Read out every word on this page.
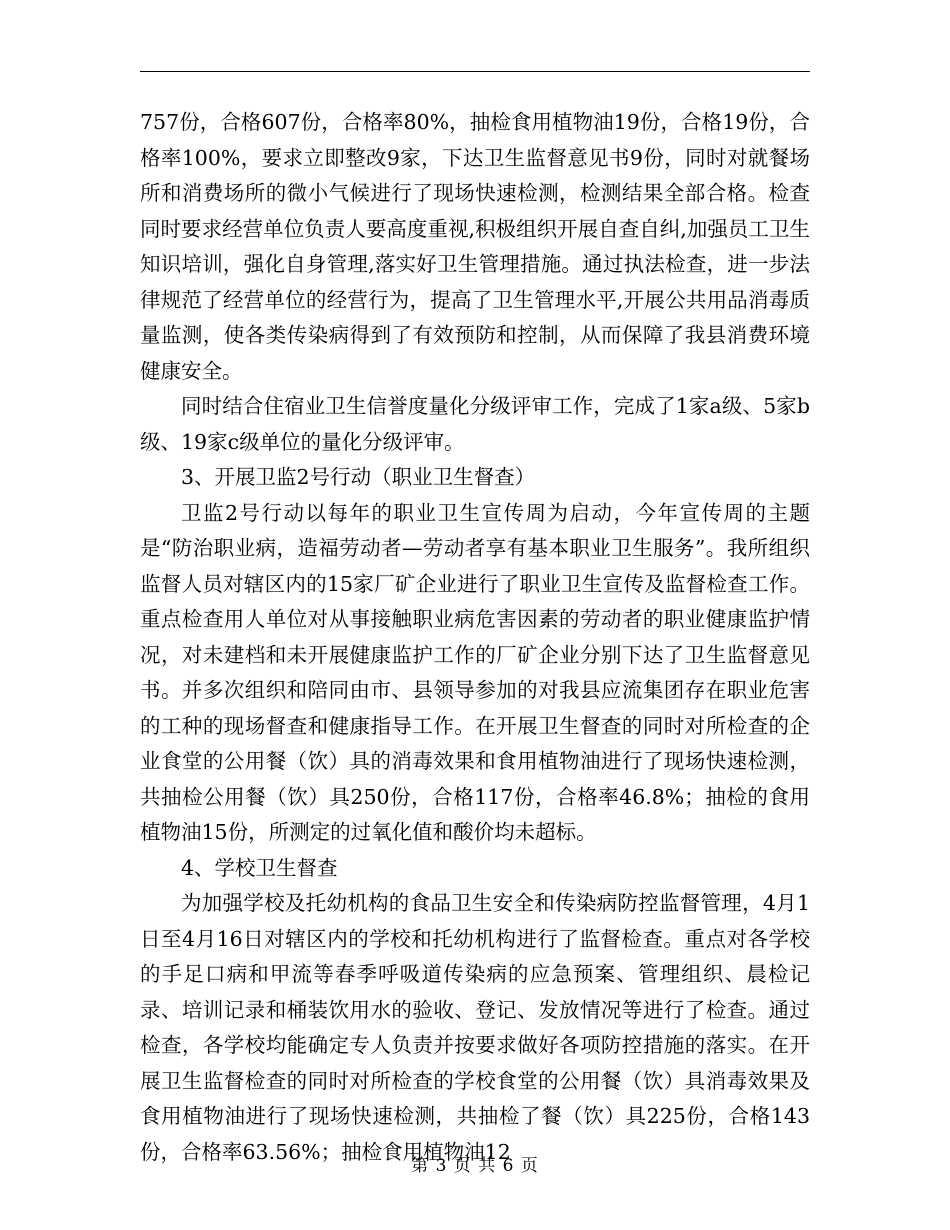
757份，合格607份，合格率80%，抽检食用植物油19份，合格19份，合格率100%，要求立即整改9家，下达卫生监督意见书9份，同时对就餐场所和消费场所的微小气候进行了现场快速检测，检测结果全部合格。检查同时要求经营单位负责人要高度重视,积极组织开展自查自纠,加强员工卫生知识培训，强化自身管理,落实好卫生管理措施。通过执法检查，进一步法律规范了经营单位的经营行为，提高了卫生管理水平,开展公共用品消毒质量监测，使各类传染病得到了有效预防和控制，从而保障了我县消费环境健康安全。

同时结合住宿业卫生信誉度量化分级评审工作，完成了1家a级、5家b级、19家c级单位的量化分级评审。

3、开展卫监2号行动（职业卫生督查）

卫监2号行动以每年的职业卫生宣传周为启动，今年宣传周的主题是“防治职业病，造福劳动者—劳动者享有基本职业卫生服务”。我所组织监督人员对辖区内的15家厂矿企业进行了职业卫生宣传及监督检查工作。重点检查用人单位对从事接触职业病危害因素的劳动者的职业健康监护情况，对未建档和未开展健康监护工作的厂矿企业分别下达了卫生监督意见书。并多次组织和陪同由市、县领导参加的对我县应流集团存在职业危害的工种的现场督查和健康指导工作。在开展卫生督查的同时对所检查的企业食堂的公用餐（饮）具的消毒效果和食用植物油进行了现场快速检测，共抽检公用餐（饮）具250份，合格117份，合格率46.8%；抽检的食用植物油15份，所测定的过氧化值和酸价均未超标。

4、学校卫生督查

为加强学校及托幼机构的食品卫生安全和传染病防控监督管理，4月1日至4月16日对辖区内的学校和托幼机构进行了监督检查。重点对各学校的手足口病和甲流等春季呼吸道传染病的应急预案、管理组织、晨检记录、培训记录和桶装饮用水的验收、登记、发放情况等进行了检查。通过检查，各学校均能确定专人负责并按要求做好各项防控措施的落实。在开展卫生监督检查的同时对所检查的学校食堂的公用餐（饮）具消毒效果及食用植物油进行了现场快速检测，共抽检了餐（饮）具225份，合格143份，合格率63.56%；抽检食用植物油12

第 3 页 共 6 页
